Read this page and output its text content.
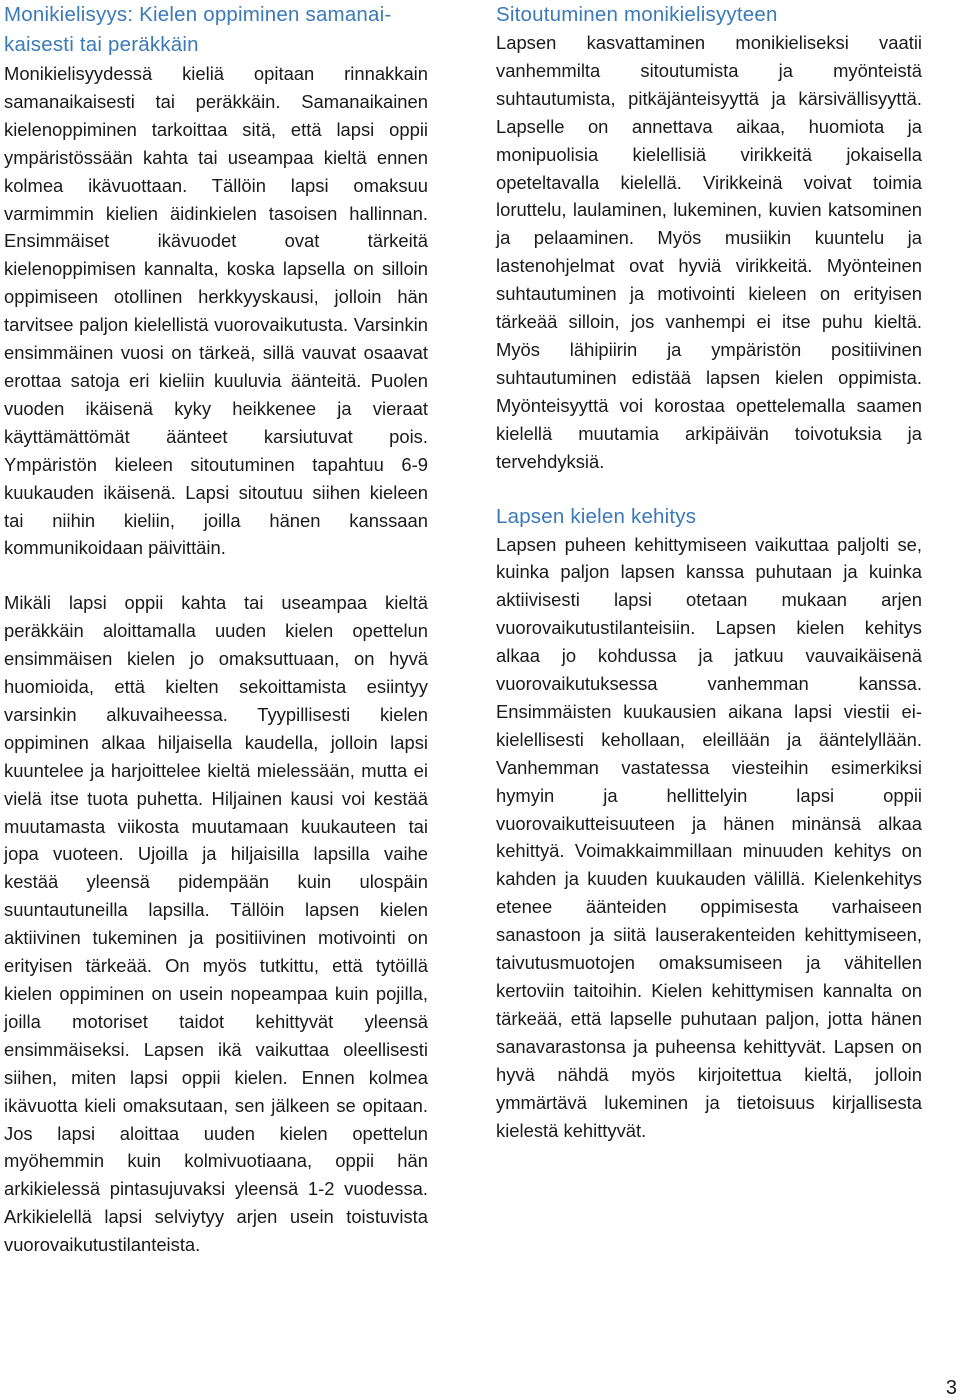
Monikielisyys: Kielen oppiminen samanai-
kaisesti tai peräkkäin

Monikielisyydessä kieliä opitaan rinnakkain samanaikaisesti tai peräkkäin. Samanaikainen kielenoppiminen tarkoittaa sitä, että lapsi oppii ympäristössään kahta tai useampaa kieltä ennen kolmea ikävuottaan. Tällöin lapsi omaksuu varmimmin kielien äidinkielen tasoisen hallinnan. Ensimmäiset ikävuodet ovat tärkeitä kielenoppimisen kannalta, koska lapsella on silloin oppimiseen otollinen herkkyyskausi, jolloin hän tarvitsee paljon kielellistä vuorovaikutusta. Varsinkin ensimmäinen vuosi on tärkeä, sillä vauvat osaavat erottaa satoja eri kieliin kuuluvia äänteitä. Puolen vuoden ikäisenä kyky heikkenee ja vieraat käyttämättömät äänteet karsiutuvat pois. Ympäristön kieleen sitoutuminen tapahtuu 6-9 kuukauden ikäisenä. Lapsi sitoutuu siihen kieleen tai niihin kieliin, joilla hänen kanssaan kommunikoidaan päivittäin.

Mikäli lapsi oppii kahta tai useampaa kieltä peräkkäin aloittamalla uuden kielen opettelun ensimmäisen kielen jo omaksuttuaan, on hyvä huomioida, että kielten sekoittamista esiintyy varsinkin alkuvaiheessa. Tyypillisesti kielen oppiminen alkaa hiljaisella kaudella, jolloin lapsi kuuntelee ja harjoittelee kieltä mielessään, mutta ei vielä itse tuota puhetta. Hiljainen kausi voi kestää muutamasta viikosta muutamaan kuukauteen tai jopa vuoteen. Ujoilla ja hiljaisilla lapsilla vaihe kestää yleensä pidempään kuin ulospäin suuntautuneilla lapsilla. Tällöin lapsen kielen aktiivinen tukeminen ja positiivinen motivointi on erityisen tärkeää. On myös tutkittu, että tytöillä kielen oppiminen on usein nopeampaa kuin pojilla, joilla motoriset taidot kehittyvät yleensä ensimmäiseksi. Lapsen ikä vaikuttaa oleellisesti siihen, miten lapsi oppii kielen. Ennen kolmea ikävuotta kieli omaksutaan, sen jälkeen se opitaan. Jos lapsi aloittaa uuden kielen opettelun myöhemmin kuin kolmivuotiaana, oppii hän arkikielessä pintasujuvaksi yleensä 1-2 vuodessa. Arkikielellä lapsi selviytyy arjen usein toistuvista vuorovaikutustilanteista.

Sitoutuminen monikielisyyteen

Lapsen kasvattaminen monikieliseksi vaatii vanhemmilta sitoutumista ja myönteistä suhtautumista, pitkäjänteisyyttä ja kärsivällisyyttä. Lapselle on annettava aikaa, huomiota ja monipuolisia kielellisiä virikkeitä jokaisella opeteltavalla kielellä. Virikkeinä voivat toimia loruttelu, laulaminen, lukeminen, kuvien katsominen ja pelaaminen. Myös musiikin kuuntelu ja lastenohjelmat ovat hyviä virikkeitä. Myönteinen suhtautuminen ja motivointi kieleen on erityisen tärkeää silloin, jos vanhempi ei itse puhu kieltä. Myös lähipiirin ja ympäristön positiivinen suhtautuminen edistää lapsen kielen oppimista. Myönteisyyttä voi korostaa opettelemalla saamen kielellä muutamia arkipäivän toivotuksia ja tervehdyksiä.

Lapsen kielen kehitys

Lapsen puheen kehittymiseen vaikuttaa paljolti se, kuinka paljon lapsen kanssa puhutaan ja kuinka aktiivisesti lapsi otetaan mukaan arjen vuorovaikutustilanteisiin. Lapsen kielen kehitys alkaa jo kohdussa ja jatkuu vauvaikäisenä vuorovaikutuksessa vanhemman kanssa. Ensimmäisten kuukausien aikana lapsi viestii ei-kielellisesti kehollaan, eleillään ja ääntelyllään. Vanhemman vastatessa viesteihin esimerkiksi hymyin ja hellittelyin lapsi oppii vuorovaikutteisuuteen ja hänen minänsä alkaa kehittyä. Voimakkaimmillaan minuuden kehitys on kahden ja kuuden kuukauden välillä. Kielenkehitys etenee äänteiden oppimisesta varhaiseen sanastoon ja siitä lauserakenteiden kehittymiseen, taivutusmuotojen omaksumiseen ja vähitellen kertoviin taitoihin. Kielen kehittymisen kannalta on tärkeää, että lapselle puhutaan paljon, jotta hänen sanavarastonsa ja puheensa kehittyvät. Lapsen on hyvä nähdä myös kirjoitettua kieltä, jolloin ymmärtävä lukeminen ja tietoisuus kirjallisesta kielestä kehittyvät.

3
